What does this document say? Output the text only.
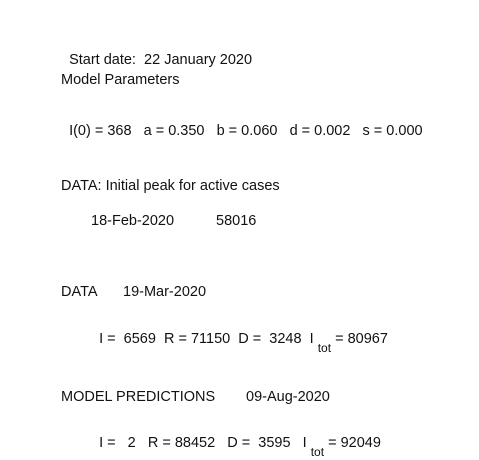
Start date: 22 January 2020

Model Parameters

I(0) = 368 a = 0.350 b = 0.060 d = 0.002 s = 0.000

DATA: Initial peak for active cases
18-Feb-2020	58016
DATA 19-Mar-2020

I =  6569 R = 71150 D =  3248 I $_{tot}$ = 80967

MODEL PREDICTIONS 09-Aug-2020

I =   2 R = 88452 D =  3595 I $_{tot}$ = 92049
